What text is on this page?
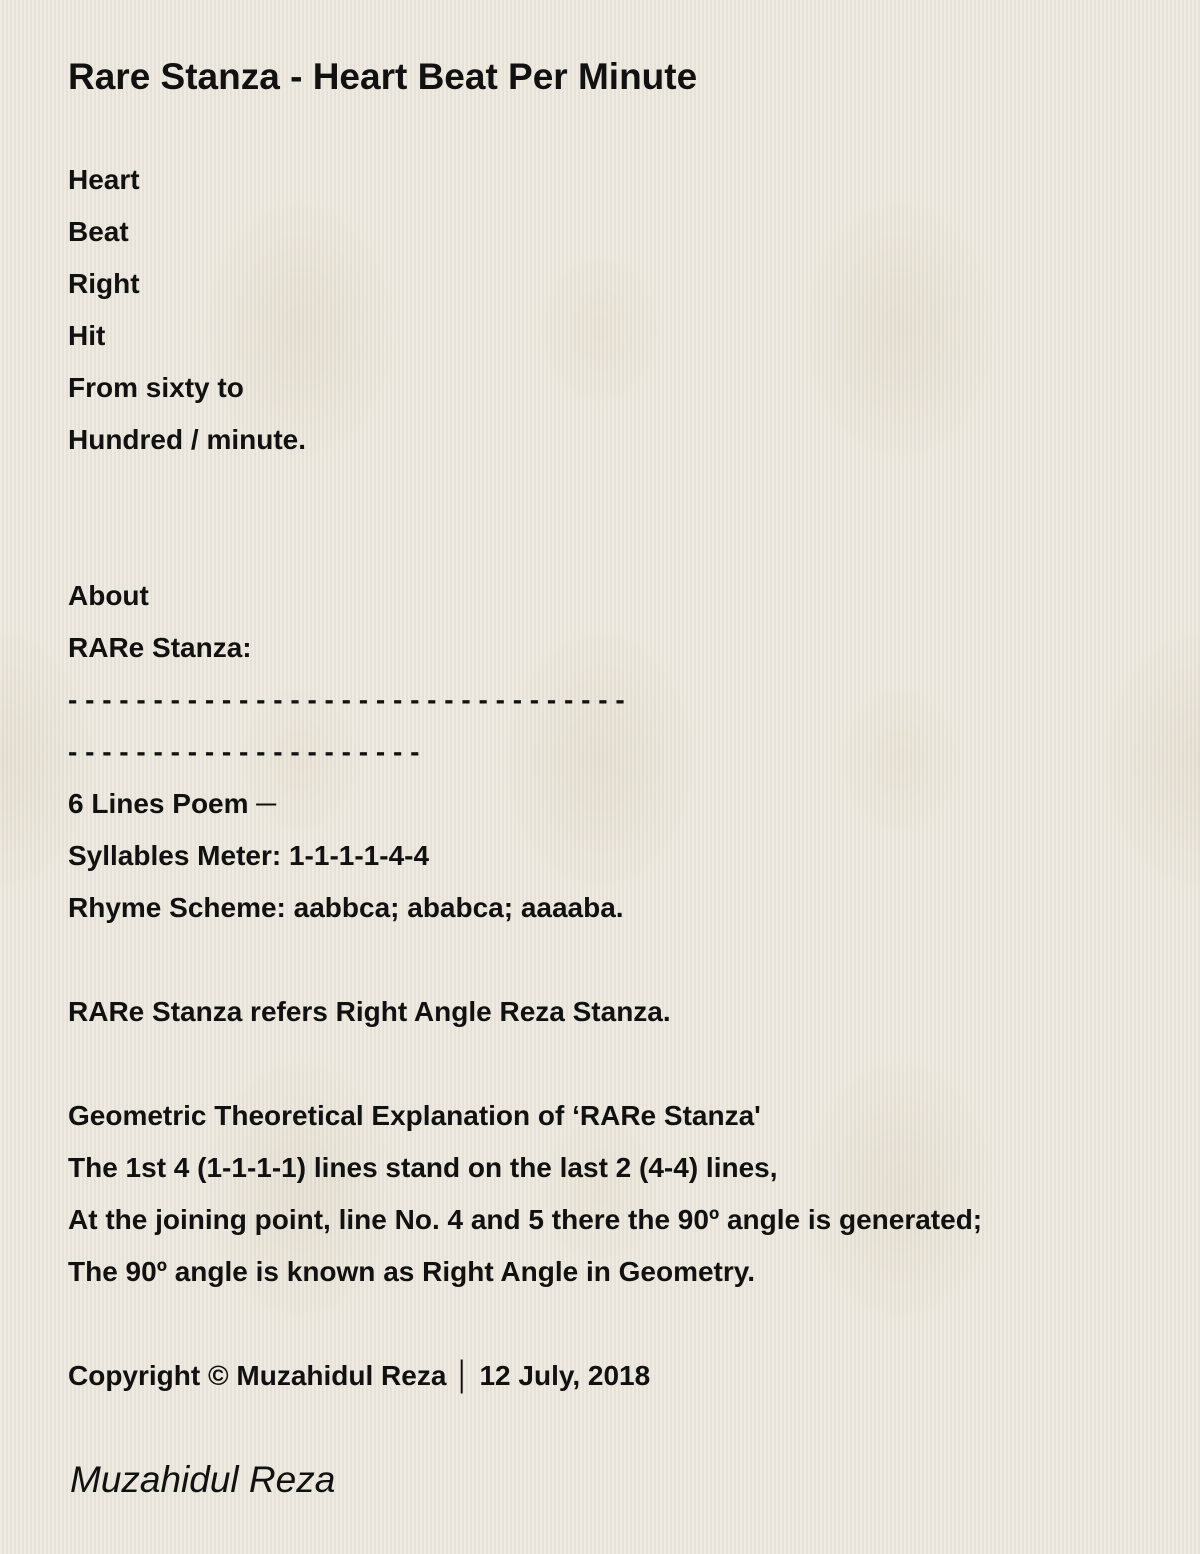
Rare Stanza - Heart Beat Per Minute
Heart
Beat
Right
Hit
From sixty to
Hundred / minute.
About
RARe Stanza:
- - - - - - - - - - - - - - - - - - - - - - - - - - - - - - - - -
- - - - - - - - - - - - - - - - - - - - -
6 Lines Poem ─
Syllables Meter: 1-1-1-1-4-4
Rhyme Scheme: aabbca; ababca; aaaaba.
RARe Stanza refers Right Angle Reza Stanza.
Geometric Theoretical Explanation of ‘RARe Stanza'
The 1st 4 (1-1-1-1) lines stand on the last 2 (4-4) lines,
At the joining point, line No. 4 and 5 there the 90º angle is generated;
The 90º angle is known as Right Angle in Geometry.
Copyright © Muzahidul Reza │ 12 July, 2018
Muzahidul Reza
